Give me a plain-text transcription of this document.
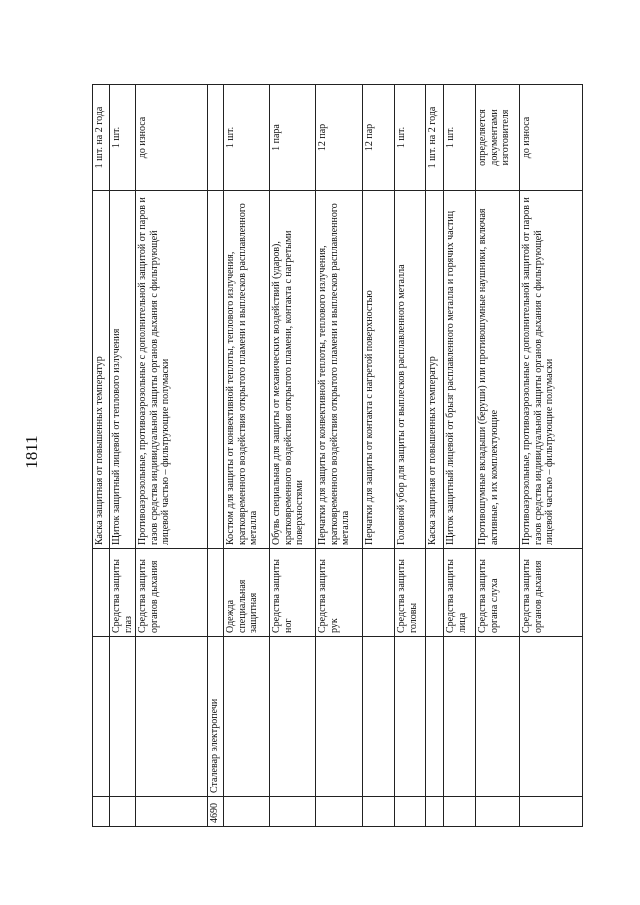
1811
				Каска защитная от повышенных температур	1 шт. на 2 года
		Средства защиты глаз	Щиток защитный лицевой от теплового излучения	1 шт.
		Средства защиты органов дыхания	Противоаэрозольные, противоаэрозольные с дополнительной защитой от паров и газов средства индивидуальной защиты органов дыхания с фильтрующей лицевой частью – фильтрующие полумаски	до износа
4690	Сталевар электропечи			
		Одежда специальная защитная	Костюм для защиты от конвективной теплоты, теплового излучения, кратковременного воздействия открытого пламени и выплесков расплавленного металла	1 шт.
		Средства защиты ног	Обувь специальная для защиты от механических воздействий (ударов), кратковременного воздействия открытого пламени, контакта с нагретыми поверхностями	1 пара
		Средства защиты рук	Перчатки для защиты от конвективной теплоты, теплового излучения, кратковременного воздействия открытого пламени и выплесков расплавленного металла	12 пар
			Перчатки для защиты от контакта с нагретой поверхностью	12 пар
		Средства защиты головы	Головной убор для защиты от выплесков расплавленного металла	1 шт.
			Каска защитная от повышенных температур	1 шт. на 2 года
		Средства защиты лица	Щиток защитный лицевой от брызг расплавленного металла и горячих частиц	1 шт.
		Средства защиты органа слуха	Противошумные вкладыши (беруши) или противошумные наушники, включая активные, и их комплектующие	определяется документами изготовителя
		Средства защиты органов дыхания	Противоаэрозольные, противоаэрозольные с дополнительной защитой от паров и газов средства индивидуальной защиты органов дыхания с фильтрующей лицевой частью – фильтрующие полумаски	до износа
